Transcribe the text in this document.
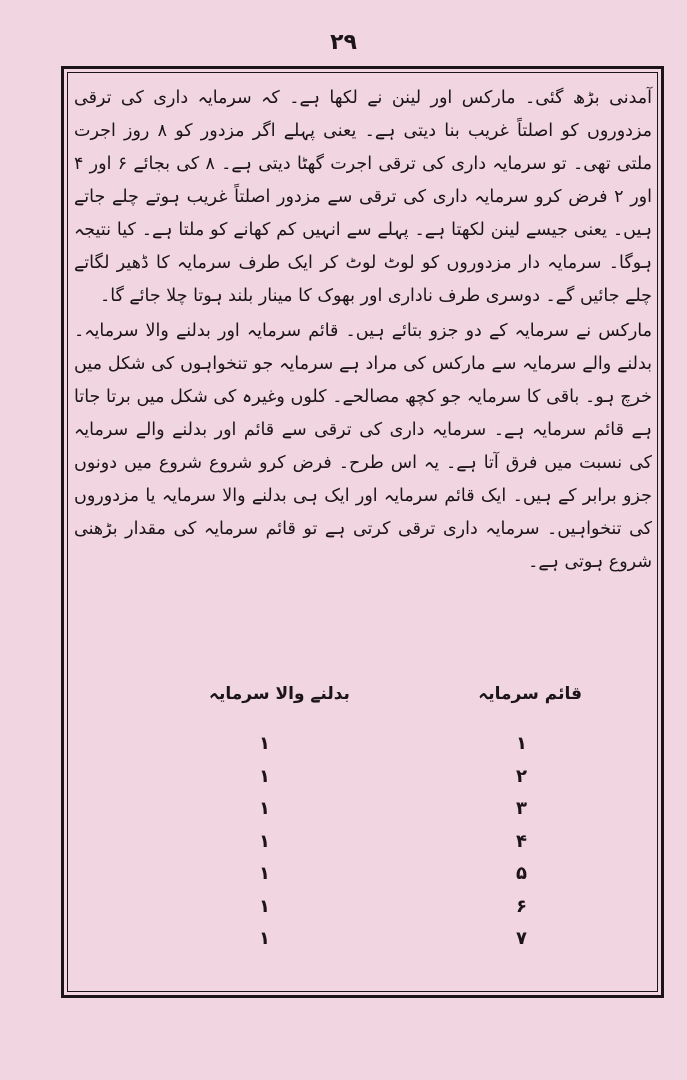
۲۹

آمدنی بڑھ گئی۔ مارکس اور لینن نے لکھا ہے۔ کہ سرمایہ داری کی ترقی مزدوروں کو اصلتاً غریب بنا دیتی ہے۔ یعنی پہلے اگر مزدور کو ۸ روز اجرت ملتی تھی۔ تو سرمایہ داری کی ترقی اجرت گھٹا دیتی ہے۔ ۸ کی بجائے ۶ اور ۴ اور ۲ فرض کرو سرمایہ داری کی ترقی سے مزدور اصلتاً غریب ہوتے چلے جاتے ہیں۔ یعنی جیسے لینن لکھتا ہے۔ پہلے سے انہیں کم کھانے کو ملتا ہے۔ کیا نتیجہ ہوگا۔ سرمایہ دار مزدوروں کو لوٹ لوٹ کر ایک طرف سرمایہ کا ڈھیر لگاتے چلے جائیں گے۔ دوسری طرف ناداری اور بھوک کا مینار بلند ہوتا چلا جائے گا۔

مارکس نے سرمایہ کے دو جزو بتائے ہیں۔ قائم سرمایہ اور بدلنے والا سرمایہ۔ بدلنے والے سرمایہ سے مارکس کی مراد ہے سرمایہ جو تنخواہوں کی شکل میں خرچ ہو۔ باقی کا سرمایہ جو کچھ مصالحے۔ کلوں وغیرہ کی شکل میں برتا جاتا ہے قائم سرمایہ ہے۔ سرمایہ داری کی ترقی سے قائم اور بدلنے والے سرمایہ کی نسبت میں فرق آتا ہے۔ یہ اس طرح۔ فرض کرو شروع شروع میں دونوں جزو برابر کے ہیں۔ ایک قائم سرمایہ اور ایک ہی بدلنے والا سرمایہ یا مزدوروں کی تنخواہیں۔ سرمایہ داری ترقی کرتی ہے تو قائم سرمایہ کی مقدار بڑھنی شروع ہوتی ہے۔

قائم سرمایہ
بدلنے والا سرمایہ
۱
۲
۳
۴
۵
۶
۷
۱
۱
۱
۱
۱
۱
۱
